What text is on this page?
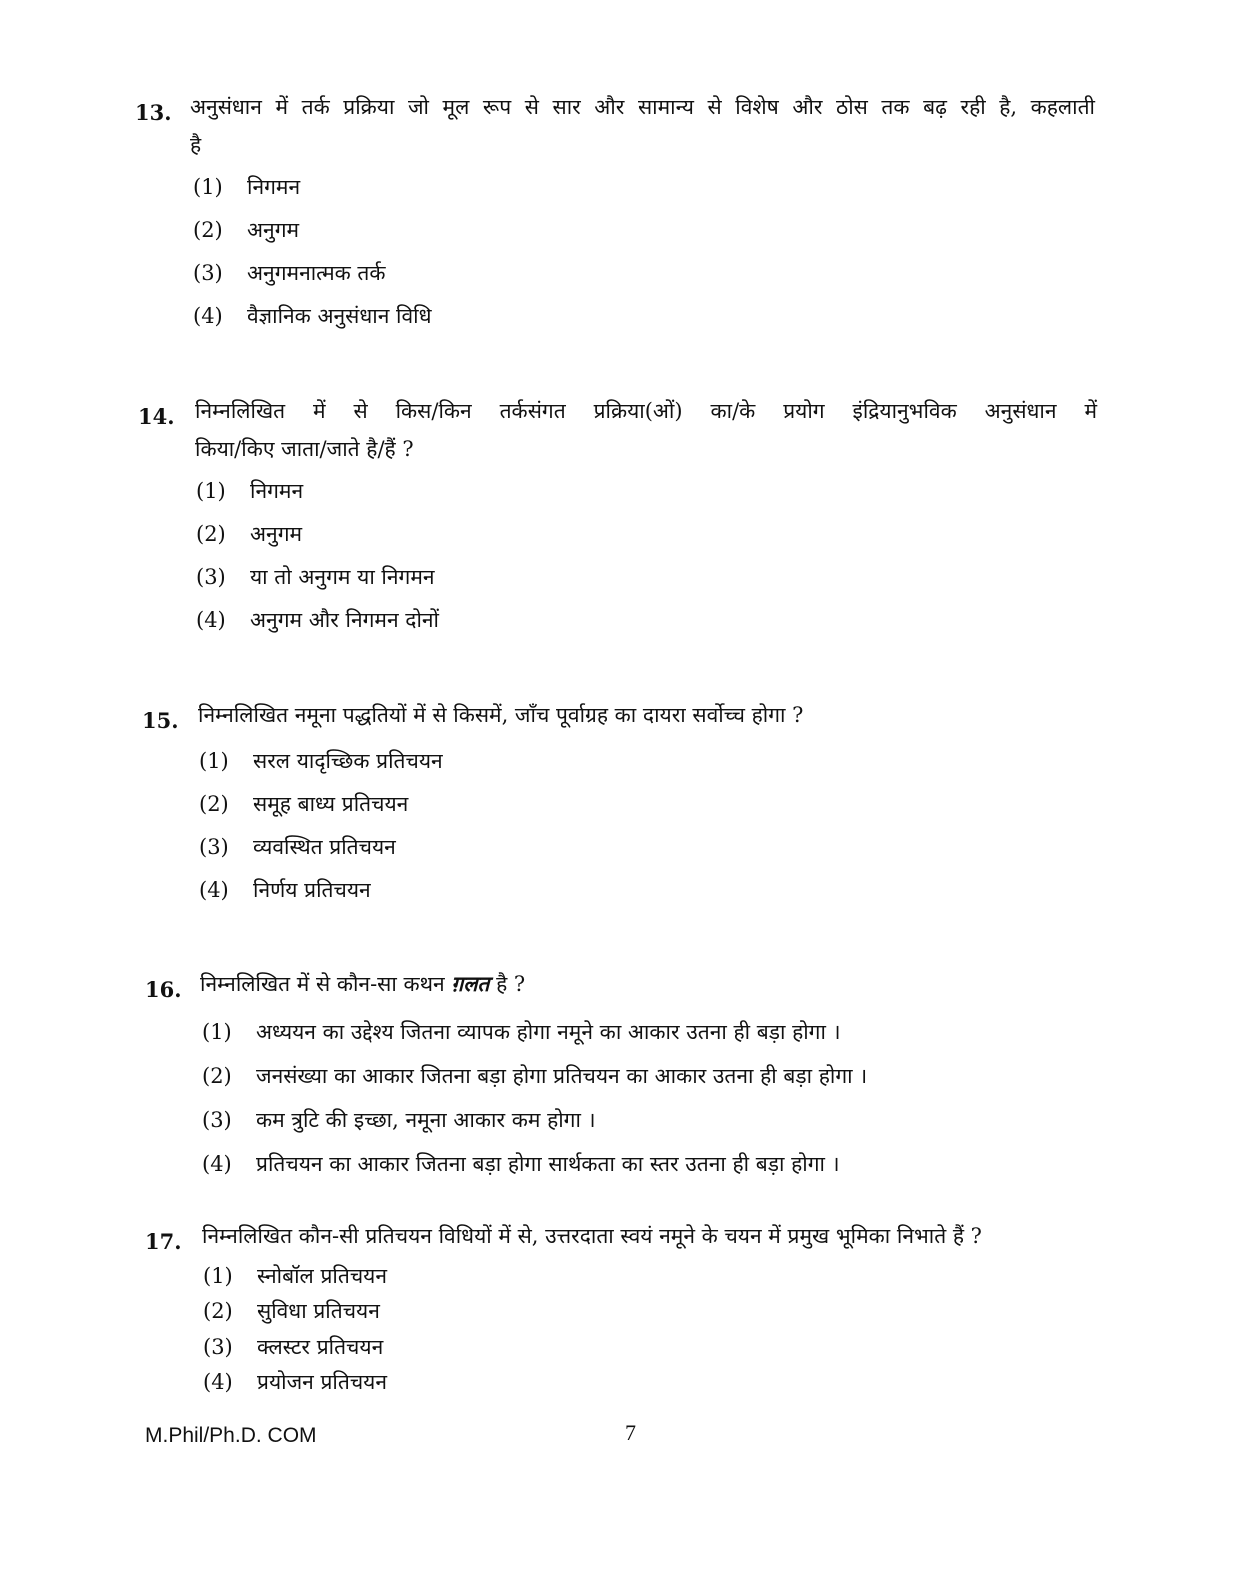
13. अनुसंधान में तर्क प्रक्रिया जो मूल रूप से सार और सामान्य से विशेष और ठोस तक बढ़ रही है, कहलाती
है
(1) निगमन
(2) अनुगम
(3) अनुगमनात्मक तर्क
(4) वैज्ञानिक अनुसंधान विधि
14. निम्नलिखित में से किस/किन तर्कसंगत प्रक्रिया(ओं) का/के प्रयोग इंद्रियानुभविक अनुसंधान में
किया/किए जाता/जाते है/हैं ?
(1) निगमन
(2) अनुगम
(3) या तो अनुगम या निगमन
(4) अनुगम और निगमन दोनों
15. निम्नलिखित नमूना पद्धतियों में से किसमें, जाँच पूर्वाग्रह का दायरा सर्वोच्च होगा ?
(1) सरल यादृच्छिक प्रतिचयन
(2) समूह बाध्य प्रतिचयन
(3) व्यवस्थित प्रतिचयन
(4) निर्णय प्रतिचयन
16. निम्नलिखित में से कौन-सा कथन ग़लत है ?
(1) अध्ययन का उद्देश्य जितना व्यापक होगा नमूने का आकार उतना ही बड़ा होगा ।
(2) जनसंख्या का आकार जितना बड़ा होगा प्रतिचयन का आकार उतना ही बड़ा होगा ।
(3) कम त्रुटि की इच्छा, नमूना आकार कम होगा ।
(4) प्रतिचयन का आकार जितना बड़ा होगा सार्थकता का स्तर उतना ही बड़ा होगा ।
17. निम्नलिखित कौन-सी प्रतिचयन विधियों में से, उत्तरदाता स्वयं नमूने के चयन में प्रमुख भूमिका निभाते हैं ?
(1) स्नोबॉल प्रतिचयन
(2) सुविधा प्रतिचयन
(3) क्लस्टर प्रतिचयन
(4) प्रयोजन प्रतिचयन
M.Phil/Ph.D. COM	7
